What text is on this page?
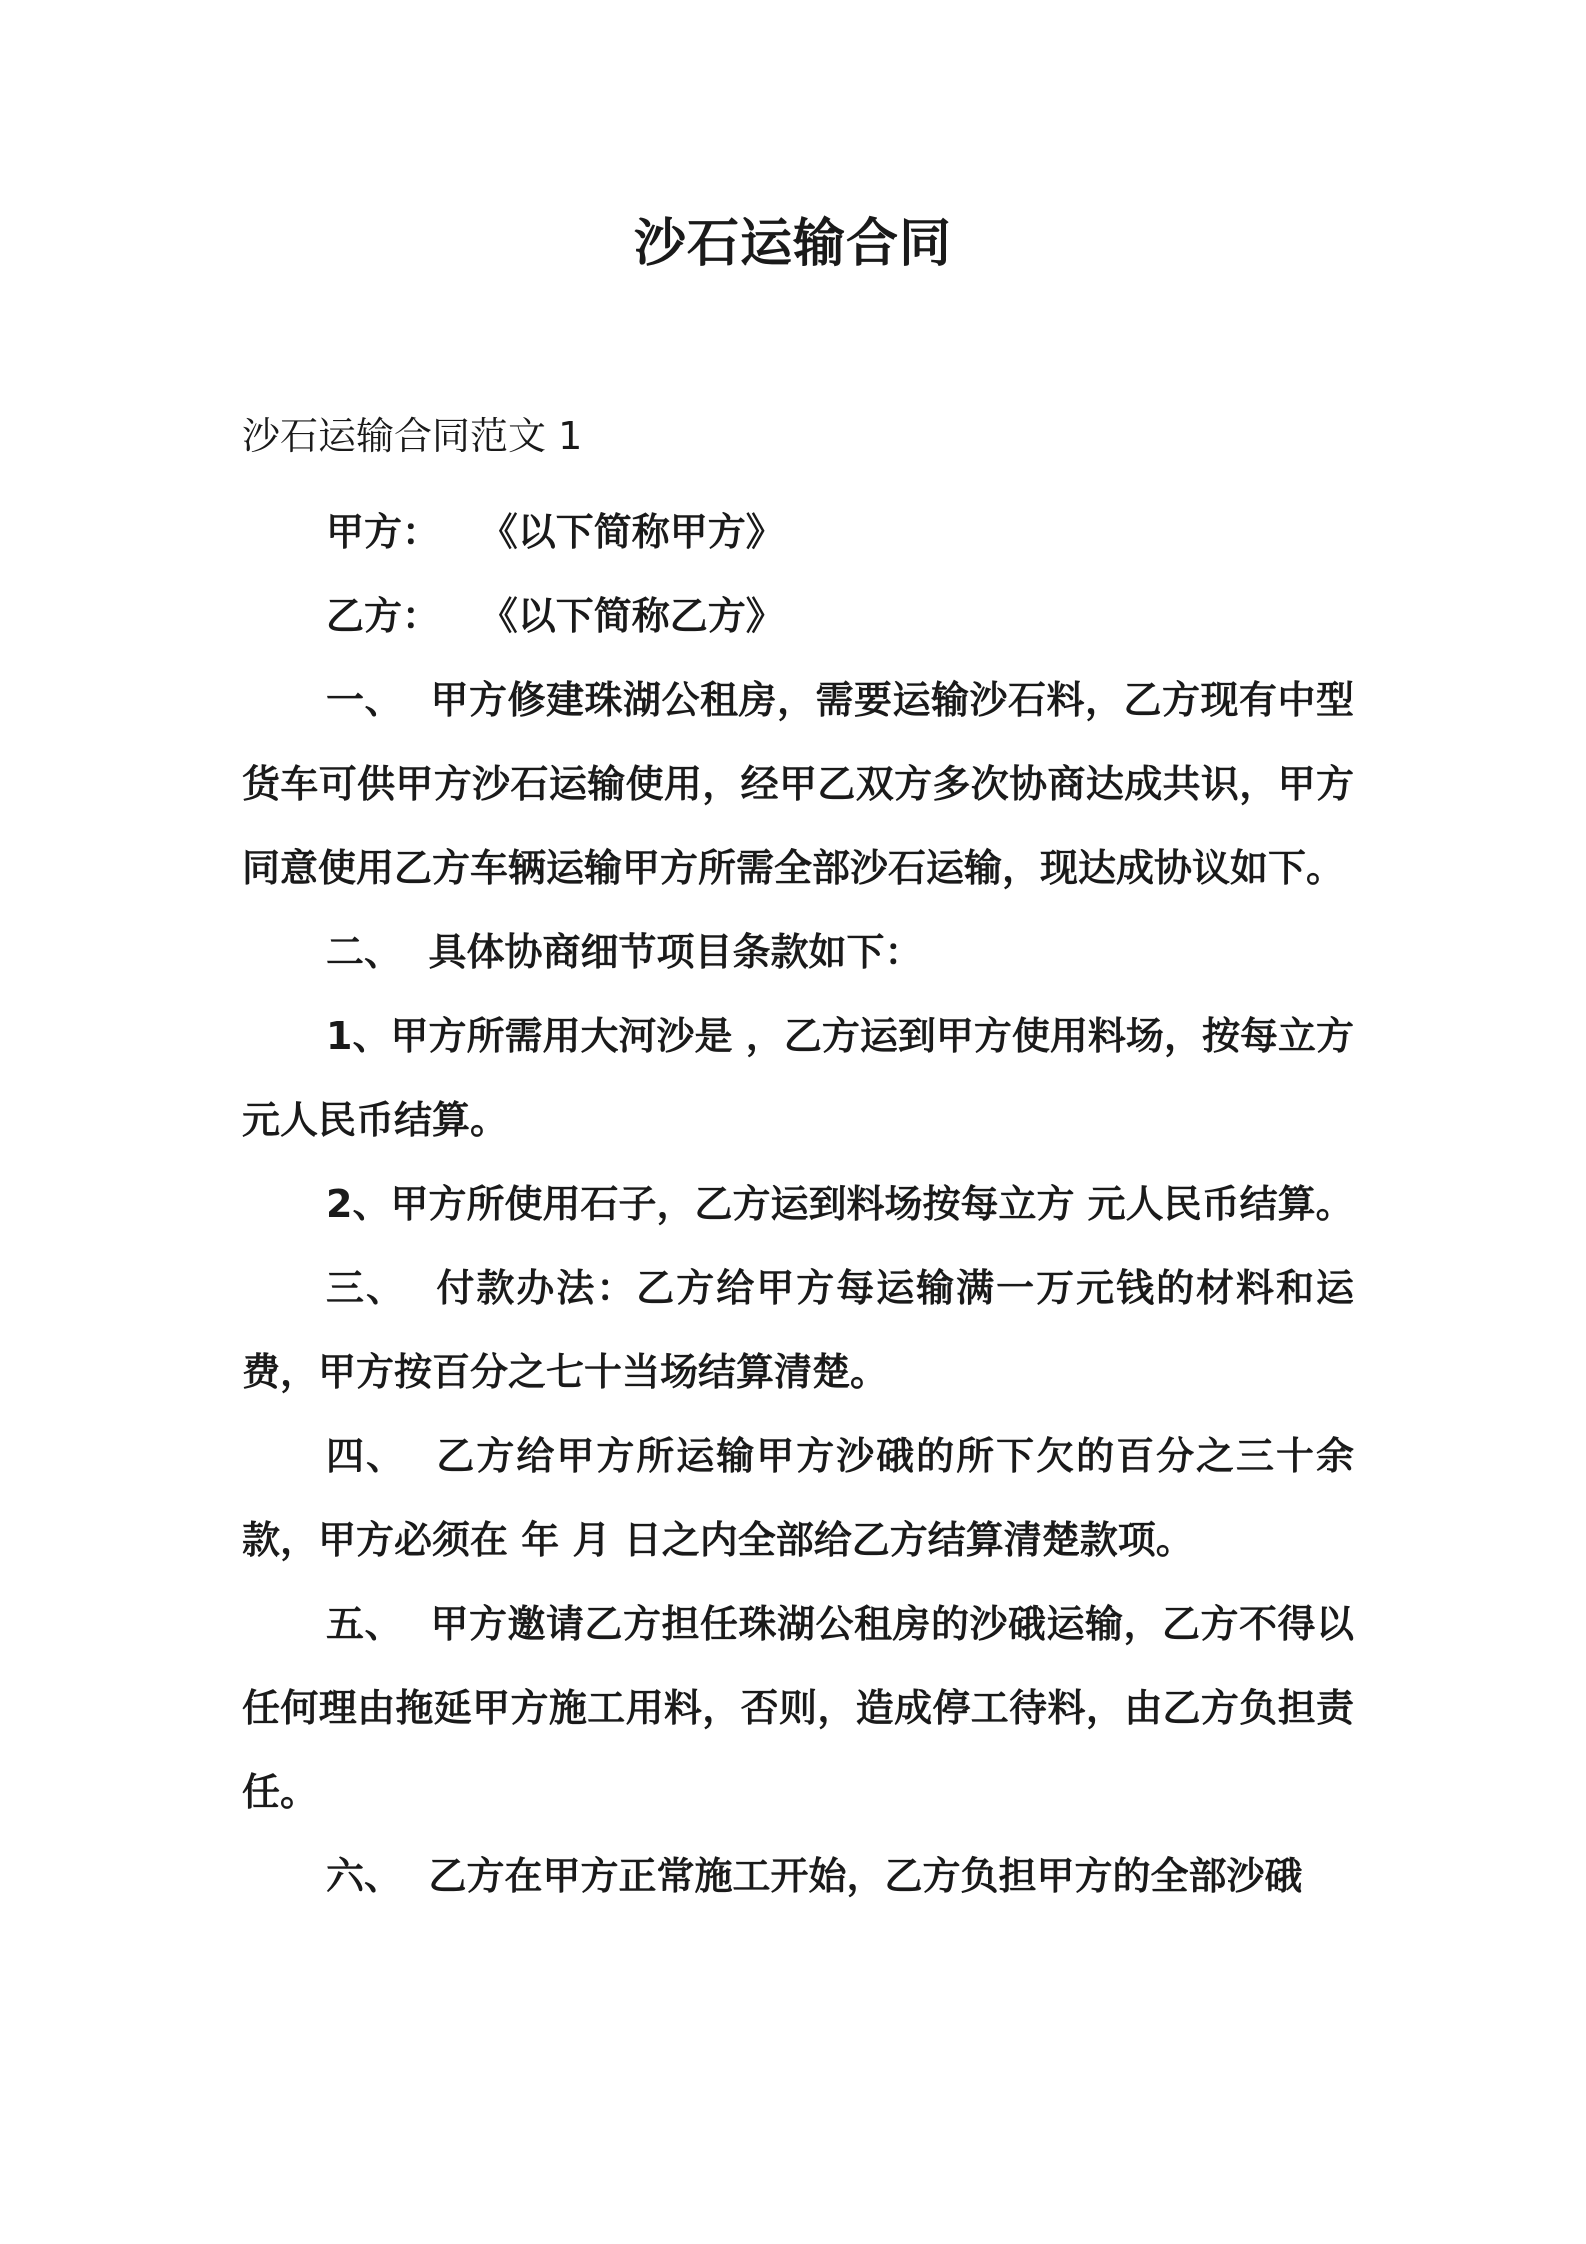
沙石运输合同
沙石运输合同范文 1

甲方：   《以下简称甲方》

乙方：   《以下简称乙方》

一、  甲方修建珠湖公租房，需要运输沙石料，乙方现有中型货车可供甲方沙石运输使用，经甲乙双方多次协商达成共识，甲方同意使用乙方车辆运输甲方所需全部沙石运输，现达成协议如下。

二、  具体协商细节项目条款如下：

1、甲方所需用大河沙是 ，乙方运到甲方使用料场，按每立方 元人民币结算。

2、甲方所使用石子，乙方运到料场按每立方 元人民币结算。

三、  付款办法：乙方给甲方每运输满一万元钱的材料和运费，甲方按百分之七十当场结算清楚。

四、  乙方给甲方所运输甲方沙硪的所下欠的百分之三十余款，甲方必须在 年 月 日之内全部给乙方结算清楚款项。

五、  甲方邀请乙方担任珠湖公租房的沙硪运输，乙方不得以任何理由拖延甲方施工用料，否则，造成停工待料，由乙方负担责任。

六、  乙方在甲方正常施工开始，乙方负担甲方的全部沙硪
